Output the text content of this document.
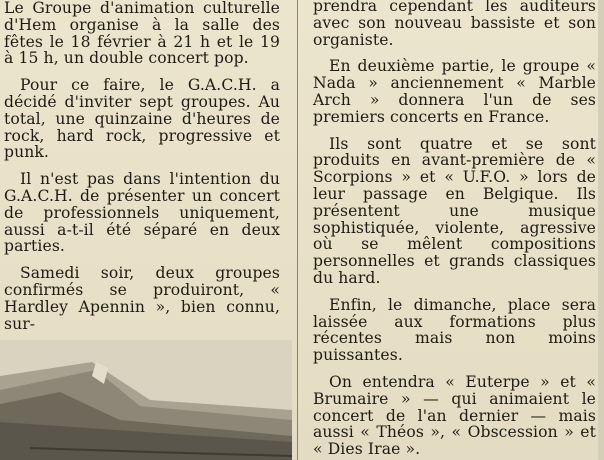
Le Groupe d'animation culturelle d'Hem organise à la salle des fêtes le 18 février à 21 h et le 19 à 15 h, un double concert pop.

Pour ce faire, le G.A.C.H. a décidé d'inviter sept groupes. Au total, une quinzaine d'heures de rock, hard rock, progressive et punk.

Il n'est pas dans l'intention du G.A.C.H. de présenter un concert de professionnels uniquement, aussi a-t-il été séparé en deux parties.

Samedi soir, deux groupes confirmés se produiront, « Hardley Apennin », bien connu, sur-

prendra cependant les auditeurs avec son nouveau bassiste et son organiste.

En deuxième partie, le groupe « Nada » anciennement « Marble Arch » donnera l'un de ses premiers concerts en France.

Ils sont quatre et se sont produits en avant-première de « Scorpions » et « U.F.O. » lors de leur passage en Belgique. Ils présentent une musique sophistiquée, violente, agressive où se mêlent compositions personnelles et grands classiques du hard.

Enfin, le dimanche, place sera laissée aux formations plus récentes mais non moins puissantes.

On entendra « Euterpe » et « Brumaire » — qui animaient le concert de l'an dernier — mais aussi « Théos », « Obscession » et « Dies Irae ».
